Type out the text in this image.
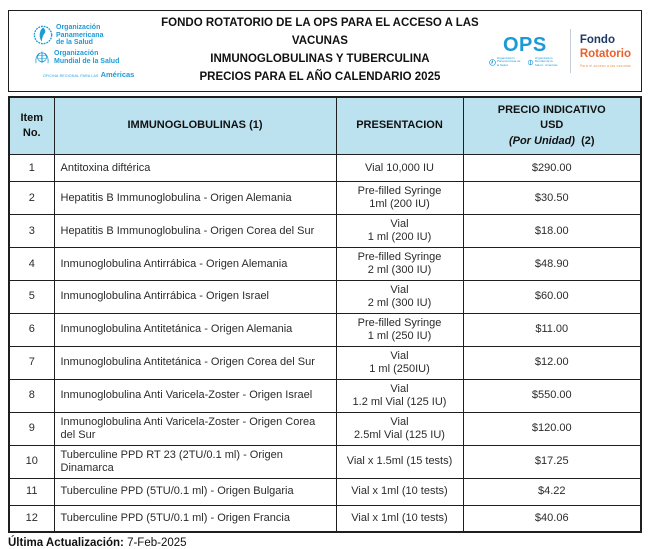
Organización
Panamericana
de la Salud
Organización
Mundial de la Salud
OFICINA REGIONAL PARA LAS Américas
FONDO ROTATORIO DE LA OPS PARA EL ACCESO A LAS VACUNAS
INMUNOGLOBULINAS Y TUBERCULINA
PRECIOS PARA EL AÑO CALENDARIO 2025
OPS
Organización Panamericana de la Salud
Organización Mundial de la Salud · Américas
Fondo
Rotatorio
Para el acceso a las vacunas
Item
No.	IMMUNOGLOBULINAS (1)	PRESENTACION	PRECIO INDICATIVO
USD
(Por Unidad) (2)
1	Antitoxina diftérica	Vial 10,000 IU	$290.00
2	Hepatitis B Immunoglobulina - Origen Alemania	Pre-filled Syringe
1ml (200 IU)	$30.50
3	Hepatitis B Immunoglobulina - Origen Corea del Sur	Vial
1 ml (200 IU)	$18.00
4	Inmunoglobulina Antirrábica - Origen Alemania	Pre-filled Syringe
2 ml (300 IU)	$48.90
5	Inmunoglobulina Antirrábica - Origen Israel	Vial
2 ml (300 IU)	$60.00
6	Inmunoglobulina Antitetánica - Origen Alemania	Pre-filled Syringe
1 ml (250 IU)	$11.00
7	Inmunoglobulina Antitetánica - Origen Corea del Sur	Vial
1 ml (250IU)	$12.00
8	Inmunoglobulina Anti Varicela-Zoster - Origen Israel	Vial
1.2 ml Vial (125 IU)	$550.00
9	Inmunoglobulina Anti Varicela-Zoster - Origen Corea del Sur	Vial
2.5ml Vial (125 IU)	$120.00
10	Tuberculine PPD RT 23 (2TU/0.1 ml) - Origen Dinamarca	Vial x 1.5ml (15 tests)	$17.25
11	Tuberculine PPD (5TU/0.1 ml) - Origen Bulgaria	Vial x 1ml (10 tests)	$4.22
12	Tuberculine PPD (5TU/0.1 ml) - Origen Francia	Vial x 1ml (10 tests)	$40.06
Última Actualización: 7-Feb-2025
